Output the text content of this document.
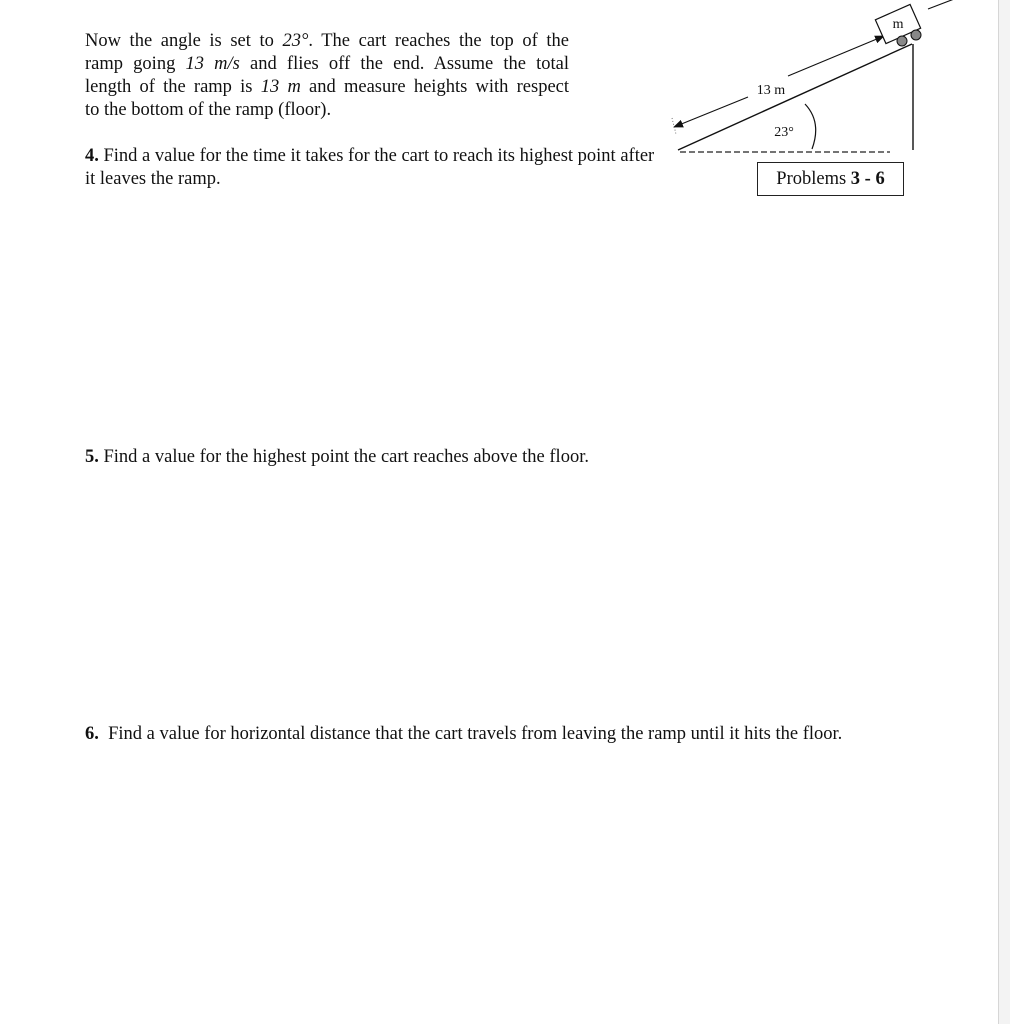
Now the angle is set to 23°. The cart reaches the top of the
ramp going 13 m/s and flies off the end. Assume the total
length of the ramp is 13 m and measure heights with respect
to the bottom of the ramp (floor).
4. Find a value for the time it takes for the cart to reach its highest point after it leaves the ramp.
5. Find a value for the highest point the cart reaches above the floor.
6.  Find a value for horizontal distance that the cart travels from leaving the ramp until it hits the floor.
13 m
23°
m
Problems 3 - 6
